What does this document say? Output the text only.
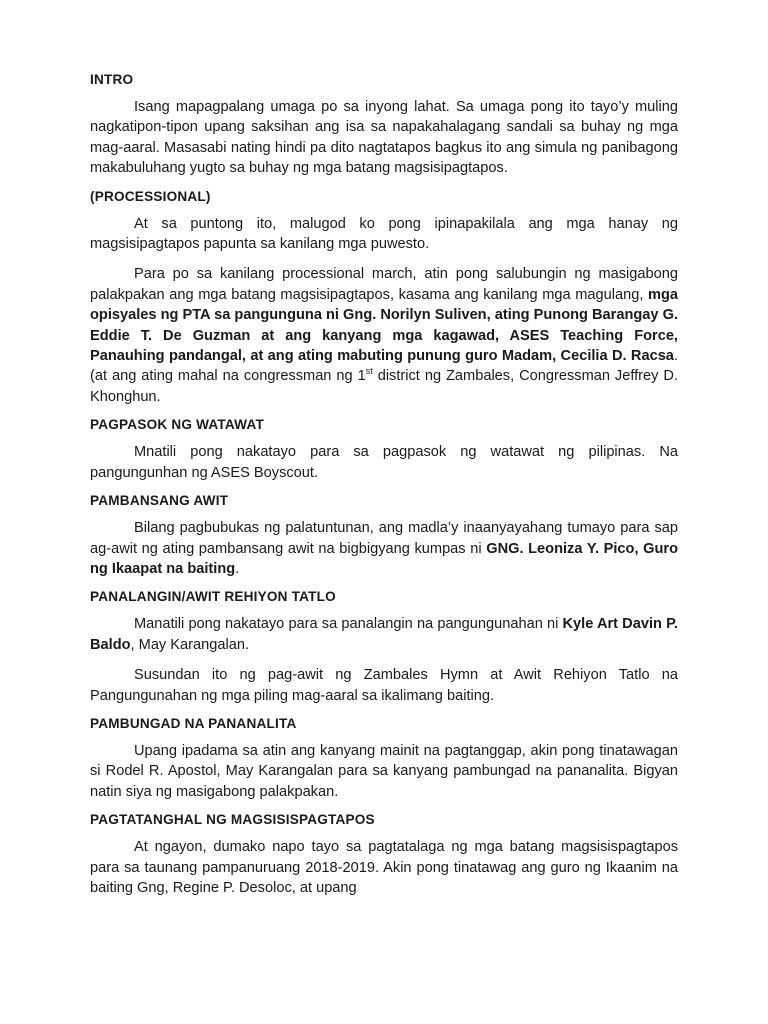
INTRO

Isang mapagpalang umaga po sa inyong lahat. Sa umaga pong ito tayo’y muling nagkatipon-tipon upang saksihan ang isa sa napakahalagang sandali sa buhay ng mga mag-aaral. Masasabi nating hindi pa dito nagtatapos bagkus ito ang simula ng panibagong makabuluhang yugto sa buhay ng mga batang magsisipagtapos.

(PROCESSIONAL)

At sa puntong ito, malugod ko pong ipinapakilala ang mga hanay ng magsisipagtapos papunta sa kanilang mga puwesto.

Para po sa kanilang processional march, atin pong salubungin ng masigabong palakpakan ang mga batang magsisipagtapos, kasama ang kanilang mga magulang, mga opisyales ng PTA sa pangunguna ni Gng. Norilyn Suliven, ating Punong Barangay G. Eddie T. De Guzman at ang kanyang mga kagawad, ASES Teaching Force, Panauhing pandangal, at ang ating mabuting punung guro Madam, Cecilia D. Racsa. (at ang ating mahal na congressman ng 1st district ng Zambales, Congressman Jeffrey D. Khonghun.

PAGPASOK NG WATAWAT

Mnatili pong nakatayo para sa pagpasok ng watawat ng pilipinas. Na pangungunhan ng ASES Boyscout.

PAMBANSANG AWIT

Bilang pagbubukas ng palatuntunan, ang madla’y inaanyayahang tumayo para sap ag-awit ng ating pambansang awit na bigbigyang kumpas ni GNG. Leoniza Y. Pico, Guro ng Ikaapat na baiting.

PANALANGIN/AWIT REHIYON TATLO

Manatili pong nakatayo para sa panalangin na pangungunahan ni Kyle Art Davin P. Baldo, May Karangalan.

Susundan ito ng pag-awit ng Zambales Hymn at Awit Rehiyon Tatlo na Pangungunahan ng mga piling mag-aaral sa ikalimang baiting.

PAMBUNGAD NA PANANALITA

Upang ipadama sa atin ang kanyang mainit na pagtanggap, akin pong tinatawagan si Rodel R. Apostol, May Karangalan para sa kanyang pambungad na pananalita. Bigyan natin siya ng masigabong palakpakan.

PAGTATANGHAL NG MAGSISISPAGTAPOS

At ngayon, dumako napo tayo sa pagtatalaga ng mga batang magsisispagtapos para sa taunang pampanuruang 2018-2019. Akin pong tinatawag ang guro ng Ikaanim na baiting Gng, Regine P. Desoloc, at upang
